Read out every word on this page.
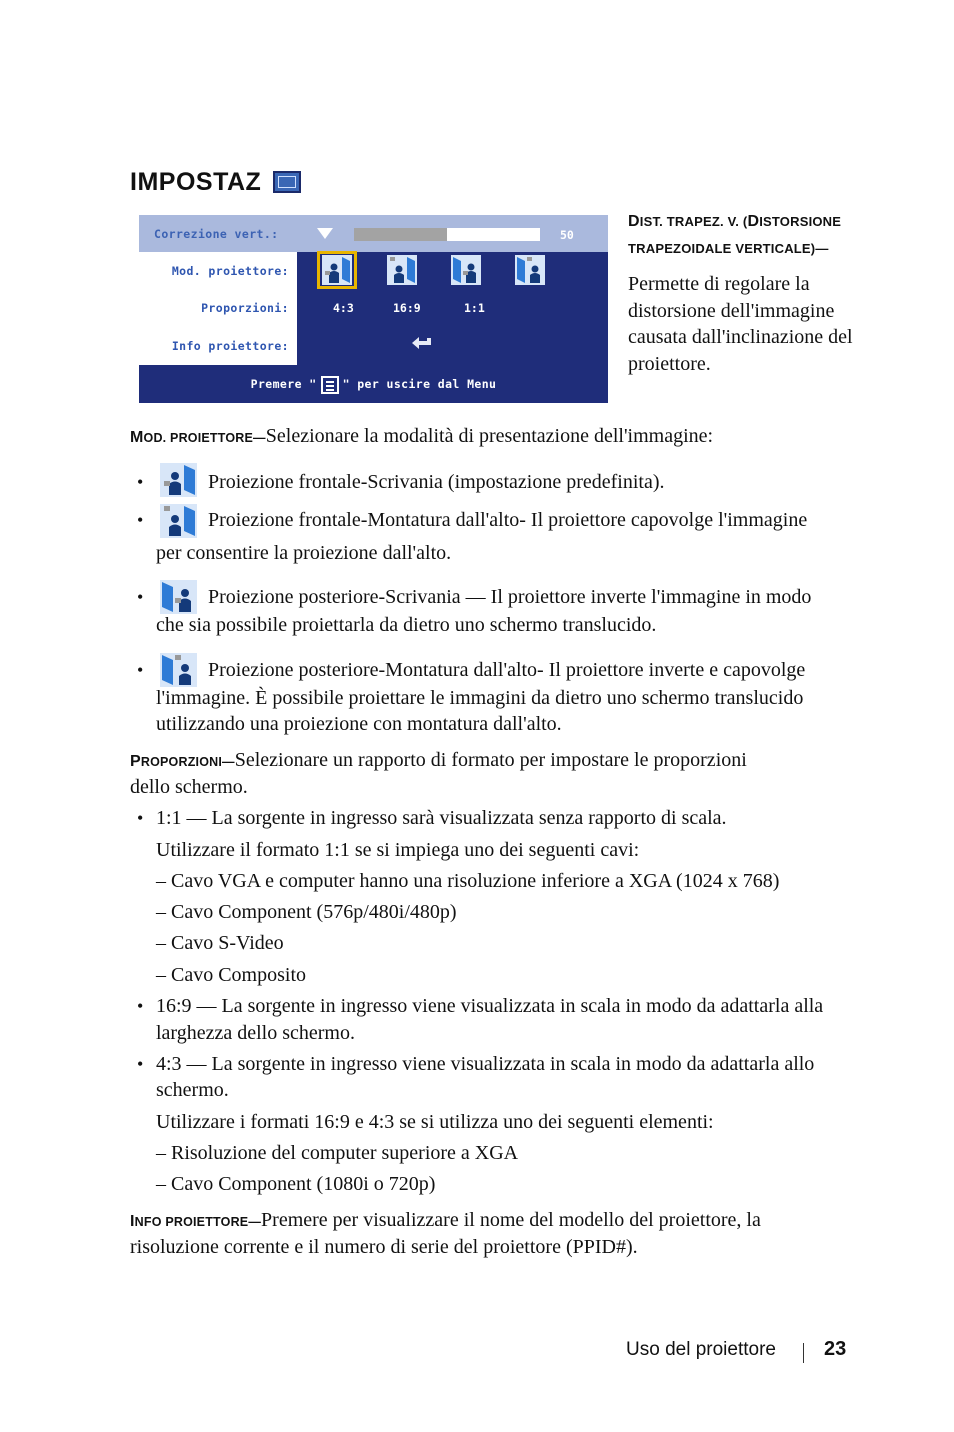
IMPOSTAZ
Correzione vert.:	50
Mod. proiettore:
Proporzioni:
Info proiettore:
4:3	16:9	1:1
Premere " " per uscire dal Menu
DIST. TRAPEZ. V. (DISTORSIONE TRAPEZOIDALE VERTICALE)—
Permette di regolare la distorsione dell'immagine causata dall'inclinazione del proiettore.
MOD. PROIETTORE—Selezionare la modalità di presentazione dell'immagine:
•	Proiezione frontale-Scrivania (impostazione predefinita).
•	Proiezione frontale-Montatura dall'alto- Il proiettore capovolge l'immagine
per consentire la proiezione dall'alto.
•	Proiezione posteriore-Scrivania — Il proiettore inverte l'immagine in modo
che sia possibile proiettarla da dietro uno schermo translucido.
•	Proiezione posteriore-Montatura dall'alto- Il proiettore inverte e capovolge
l'immagine. È possibile proiettare le immagini da dietro uno schermo translucido
utilizzando una proiezione con montatura dall'alto.
PROPORZIONI—Selezionare un rapporto di formato per impostare le proporzioni
dello schermo.
• 1:1 — La sorgente in ingresso sarà visualizzata senza rapporto di scala.
Utilizzare il formato 1:1 se si impiega uno dei seguenti cavi:
– Cavo VGA e computer hanno una risoluzione inferiore a XGA (1024 x 768)
– Cavo Component (576p/480i/480p)
– Cavo S-Video
– Cavo Composito
• 16:9 — La sorgente in ingresso viene visualizzata in scala in modo da adattarla alla
larghezza dello schermo.
• 4:3 — La sorgente in ingresso viene visualizzata in scala in modo da adattarla allo
schermo.
Utilizzare i formati 16:9 e 4:3 se si utilizza uno dei seguenti elementi:
– Risoluzione del computer superiore a XGA
– Cavo Component (1080i o 720p)
INFO PROIETTORE—Premere per visualizzare il nome del modello del proiettore, la
risoluzione corrente e il numero di serie del proiettore (PPID#).
Uso del proiettore 23
